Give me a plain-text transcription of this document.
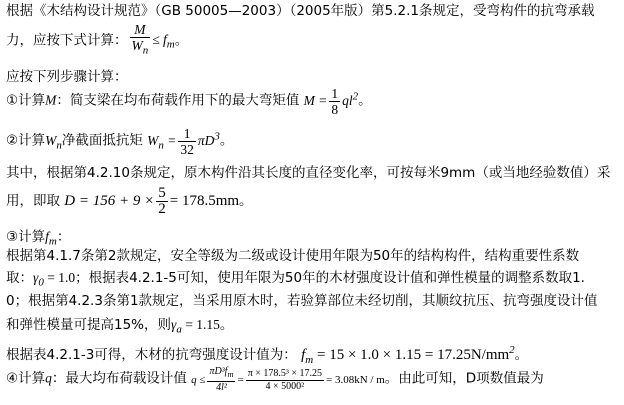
根据《木结构设计规范》（GB 50005—2003）（2005年版）第5.2.1条规定，受弯构件的抗弯承载
力，应按下式计算： $\frac{M}{W_n} \le f_m$。
应按下列步骤计算：
①计算M：简支梁在均布荷载作用下的最大弯矩值 $M = \frac{1}{8} ql^2$。
②计算$W_n$净截面抵抗矩 $W_n = \frac{1}{32} \pi D^3$。
其中，根据第4.2.10条规定，原木构件沿其长度的直径变化率，可按每米9mm（或当地经验数值）采
用，即取 $D = 156 + 9 \times \frac{5}{2} = 178.5mm$。
③计算$f_m$：
根据第4.1.7条第2款规定，安全等级为二级或设计使用年限为50年的结构构件，结构重要性系数
取：$\gamma_0 = 1.0$；根据表4.2.1-5可知，使用年限为50年的木材强度设计值和弹性模量的调整系数取1.
0；根据第4.2.3条第1款规定，当采用原木时，若验算部位未经切削，其顺纹抗压、抗弯强度设计值
和弹性模量可提高15%，则$\gamma_a = 1.15$。
根据表4.2.1-3可得，木材的抗弯强度设计值为： $f_m = 15 \times 1.0 \times 1.15 = 17.25N/mm^2$。
④计算q：最大均布荷载设计值 $q \le \frac{\pi D^3f_m}{\text{4l²}} = \frac{\text{π × 178.5³ × 17.25}}{\text{4 × 5000²}} = 3.08kN / m$。由此可知，D项数值最为
